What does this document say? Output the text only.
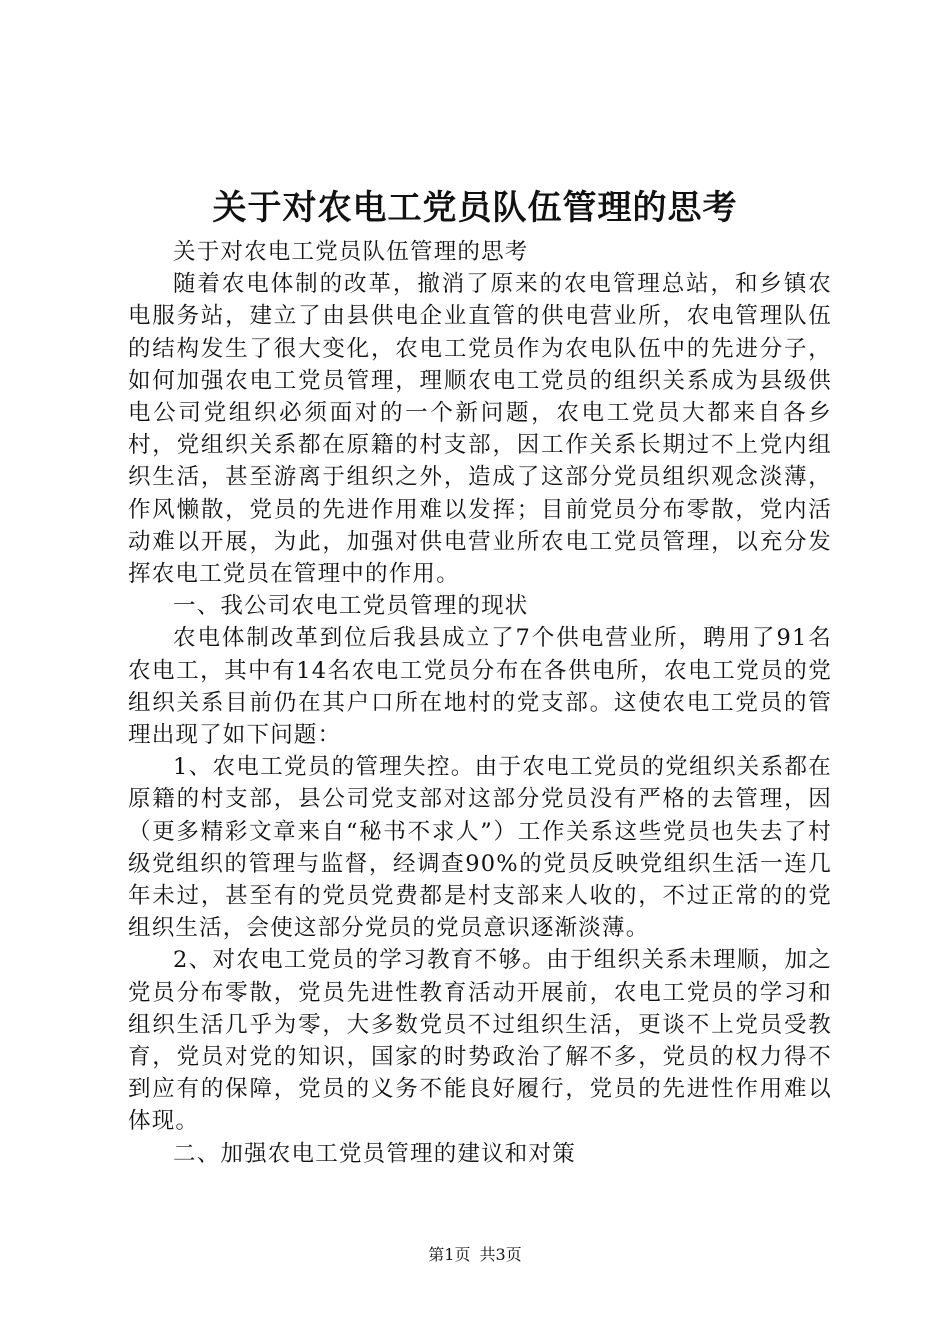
关于对农电工党员队伍管理的思考

关于对农电工党员队伍管理的思考

随着农电体制的改革，撤消了原来的农电管理总站，和乡镇农电服务站，建立了由县供电企业直管的供电营业所，农电管理队伍的结构发生了很大变化，农电工党员作为农电队伍中的先进分子，如何加强农电工党员管理，理顺农电工党员的组织关系成为县级供电公司党组织必须面对的一个新问题，农电工党员大都来自各乡村，党组织关系都在原籍的村支部，因工作关系长期过不上党内组织生活，甚至游离于组织之外，造成了这部分党员组织观念淡薄，作风懒散，党员的先进作用难以发挥；目前党员分布零散，党内活动难以开展，为此，加强对供电营业所农电工党员管理，以充分发挥农电工党员在管理中的作用。

一、我公司农电工党员管理的现状

农电体制改革到位后我县成立了7个供电营业所，聘用了91名农电工，其中有14名农电工党员分布在各供电所，农电工党员的党组织关系目前仍在其户口所在地村的党支部。这使农电工党员的管理出现了如下问题：

1、农电工党员的管理失控。由于农电工党员的党组织关系都在原籍的村支部，县公司党支部对这部分党员没有严格的去管理，因（更多精彩文章来自“秘书不求人”）工作关系这些党员也失去了村级党组织的管理与监督，经调查90%的党员反映党组织生活一连几年未过，甚至有的党员党费都是村支部来人收的，不过正常的的党组织生活，会使这部分党员的党员意识逐渐淡薄。

2、对农电工党员的学习教育不够。由于组织关系未理顺，加之党员分布零散，党员先进性教育活动开展前，农电工党员的学习和组织生活几乎为零，大多数党员不过组织生活，更谈不上党员受教育，党员对党的知识，国家的时势政治了解不多，党员的权力得不到应有的保障，党员的义务不能良好履行，党员的先进性作用难以体现。

二、加强农电工党员管理的建议和对策

第1页 共3页
